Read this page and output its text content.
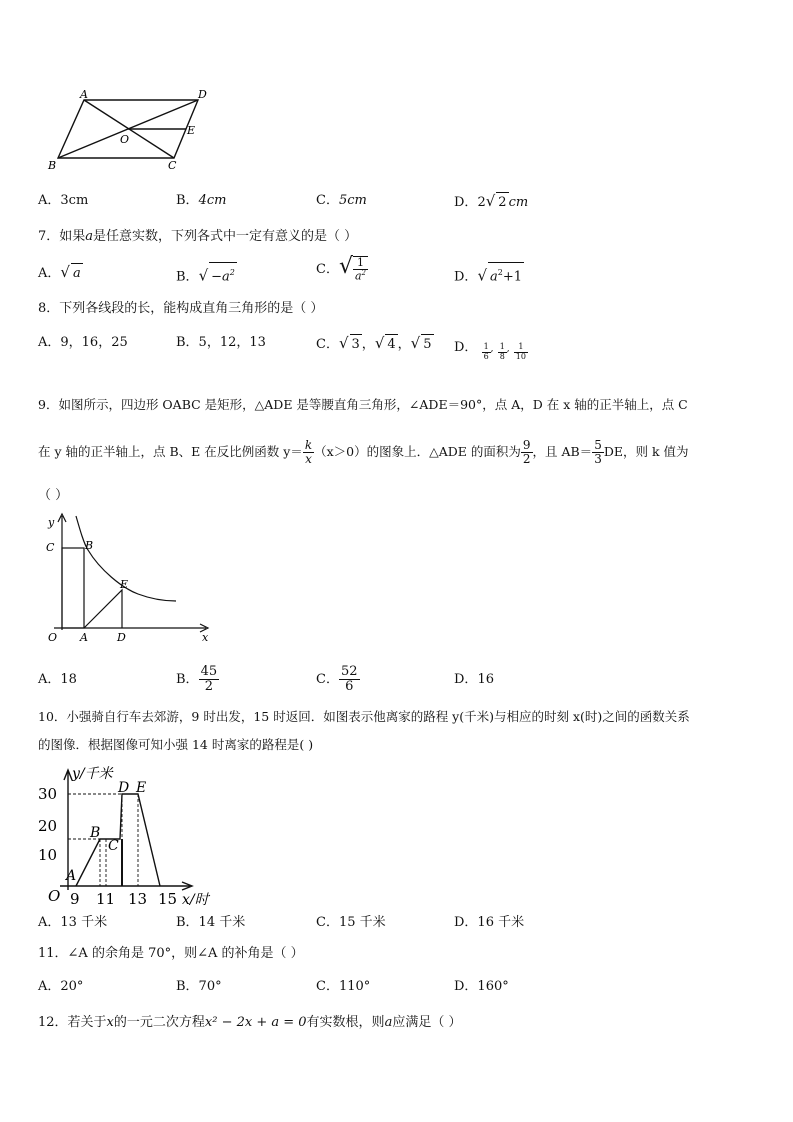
A	D
O
E
B	C
A．3cm	B．4cm	C．5cm	D．2√ 2 cm
7．如果a是任意实数，下列各式中一定有意义的是（ ）
A．√ a	B．√ $-a^2$	C．√ $\frac{1}{a^2}$	D．√ $a^2+1$
8．下列各线段的长，能构成直角三角形的是（ ）
A．9，16，25	B．5，12，13	C．√ 3 ，√ 4 ，√ 5 D． $\frac{1}{6}$ , $\frac{1}{8}$ , $\frac{1}{10}$
9．如图所示，四边形 OABC 是矩形，△ADE 是等腰直角三角形，∠ADE＝90°，点 A，D 在 x 轴的正半轴上，点 C
在 y 轴的正半轴上，点 B、E 在反比例函数 $y= \frac{k}{x} (x>0)$的图象上．△ADE 的面积为 $\frac{9}{2}$ ，且 $AB= \frac{5}{3}$ DE，则 k 值为
（ ）
y
C	B
E
O A	D	x
A．18	B． $\frac{45}{2}$	C． $\frac{52}{6}$	D．16
10．小强骑自行车去郊游，9 时出发，15 时返回．如图表示他离家的路程 y(千米)与相应的时刻 x(时)之间的函数关系
的图像．根据图像可知小强 14 时离家的路程是( )
y/千米
30
20
10
O 9 11 13 15 x/时
A
B
C
D E
A．13 千米	B．14 千米	C．15 千米	D．16 千米
11．∠A 的余角是 70°，则∠A 的补角是（ ）
A．20°	B．70°	C．110°	D．160°
12．若关于x的一元二次方程x² − 2x + a = 0有实数根，则a应满足（ ）
